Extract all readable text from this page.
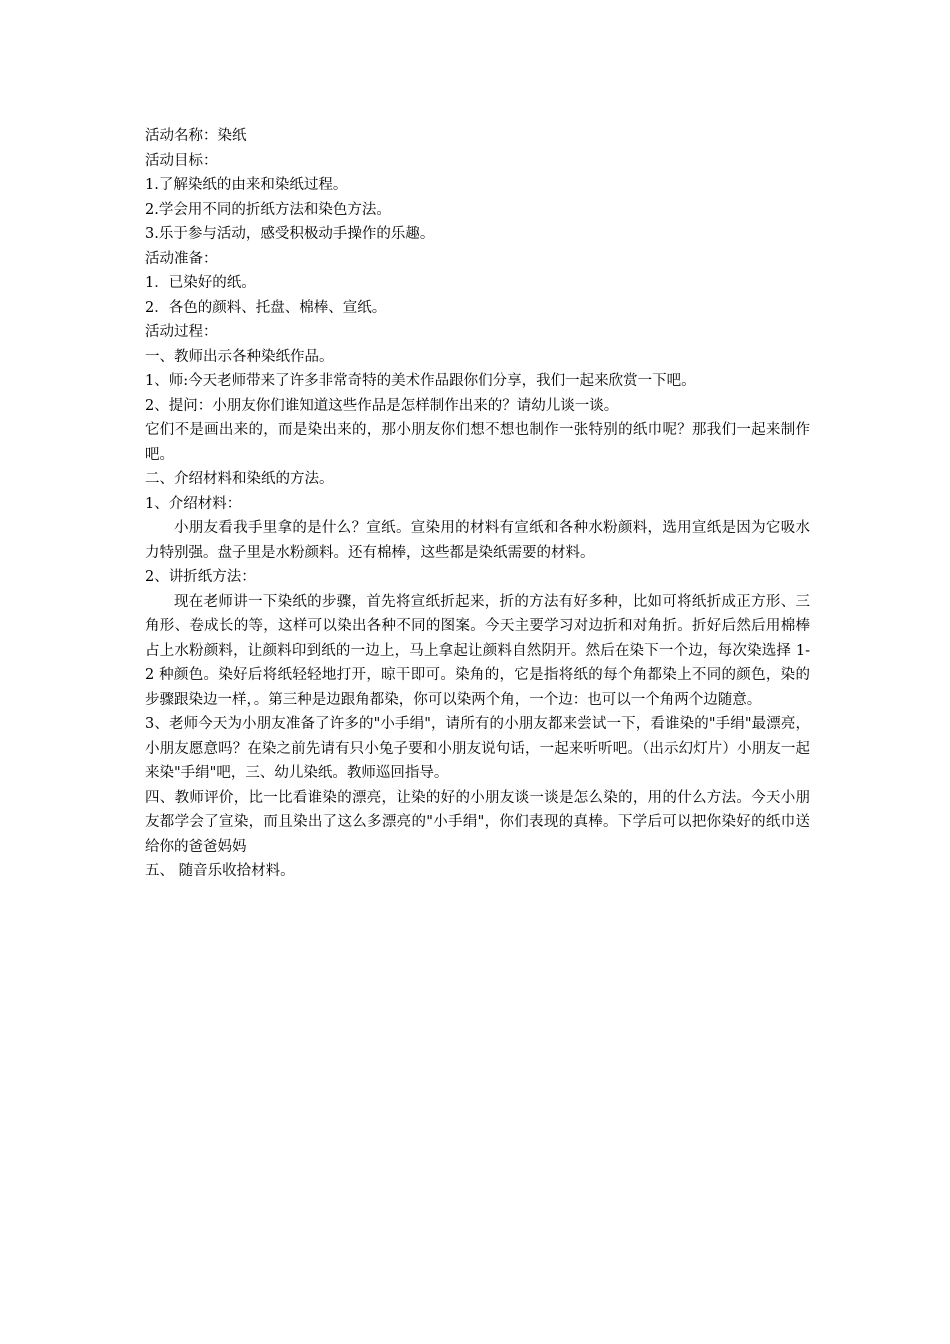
活动名称：染纸

活动目标：

1.了解染纸的由来和染纸过程。

2.学会用不同的折纸方法和染色方法。

3.乐于参与活动，感受积极动手操作的乐趣。

活动准备：

1．已染好的纸。

2．各色的颜料、托盘、棉棒、宣纸。

活动过程：

一、教师出示各种染纸作品。

1、师:今天老师带来了许多非常奇特的美术作品跟你们分享，我们一起来欣赏一下吧。

2、提问：小朋友你们谁知道这些作品是怎样制作出来的？请幼儿谈一谈。

它们不是画出来的，而是染出来的，那小朋友你们想不想也制作一张特别的纸巾呢？那我们一起来制作吧。

二、介绍材料和染纸的方法。

1、介绍材料：

小朋友看我手里拿的是什么？宣纸。宣染用的材料有宣纸和各种水粉颜料，选用宣纸是因为它吸水力特别强。盘子里是水粉颜料。还有棉棒，这些都是染纸需要的材料。

2、讲折纸方法：

现在老师讲一下染纸的步骤，首先将宣纸折起来，折的方法有好多种，比如可将纸折成正方形、三角形、卷成长的等，这样可以染出各种不同的图案。今天主要学习对边折和对角折。折好后然后用棉棒占上水粉颜料，让颜料印到纸的一边上，马上拿起让颜料自然阴开。然后在染下一个边，每次染选择 1-2 种颜色。染好后将纸轻轻地打开，晾干即可。染角的，它是指将纸的每个角都染上不同的颜色，染的步骤跟染边一样，。第三种是边跟角都染，你可以染两个角，一个边：也可以一个角两个边随意。

3、老师今天为小朋友准备了许多的"小手绢"，请所有的小朋友都来尝试一下，看谁染的"手绢"最漂亮，小朋友愿意吗？在染之前先请有只小兔子要和小朋友说句话，一起来听听吧。（出示幻灯片）小朋友一起来染"手绢"吧，三、幼儿染纸。教师巡回指导。

四、教师评价，比一比看谁染的漂亮，让染的好的小朋友谈一谈是怎么染的，用的什么方法。今天小朋友都学会了宣染，而且染出了这么多漂亮的"小手绢"，你们表现的真棒。下学后可以把你染好的纸巾送给你的爸爸妈妈

五、 随音乐收拾材料。
